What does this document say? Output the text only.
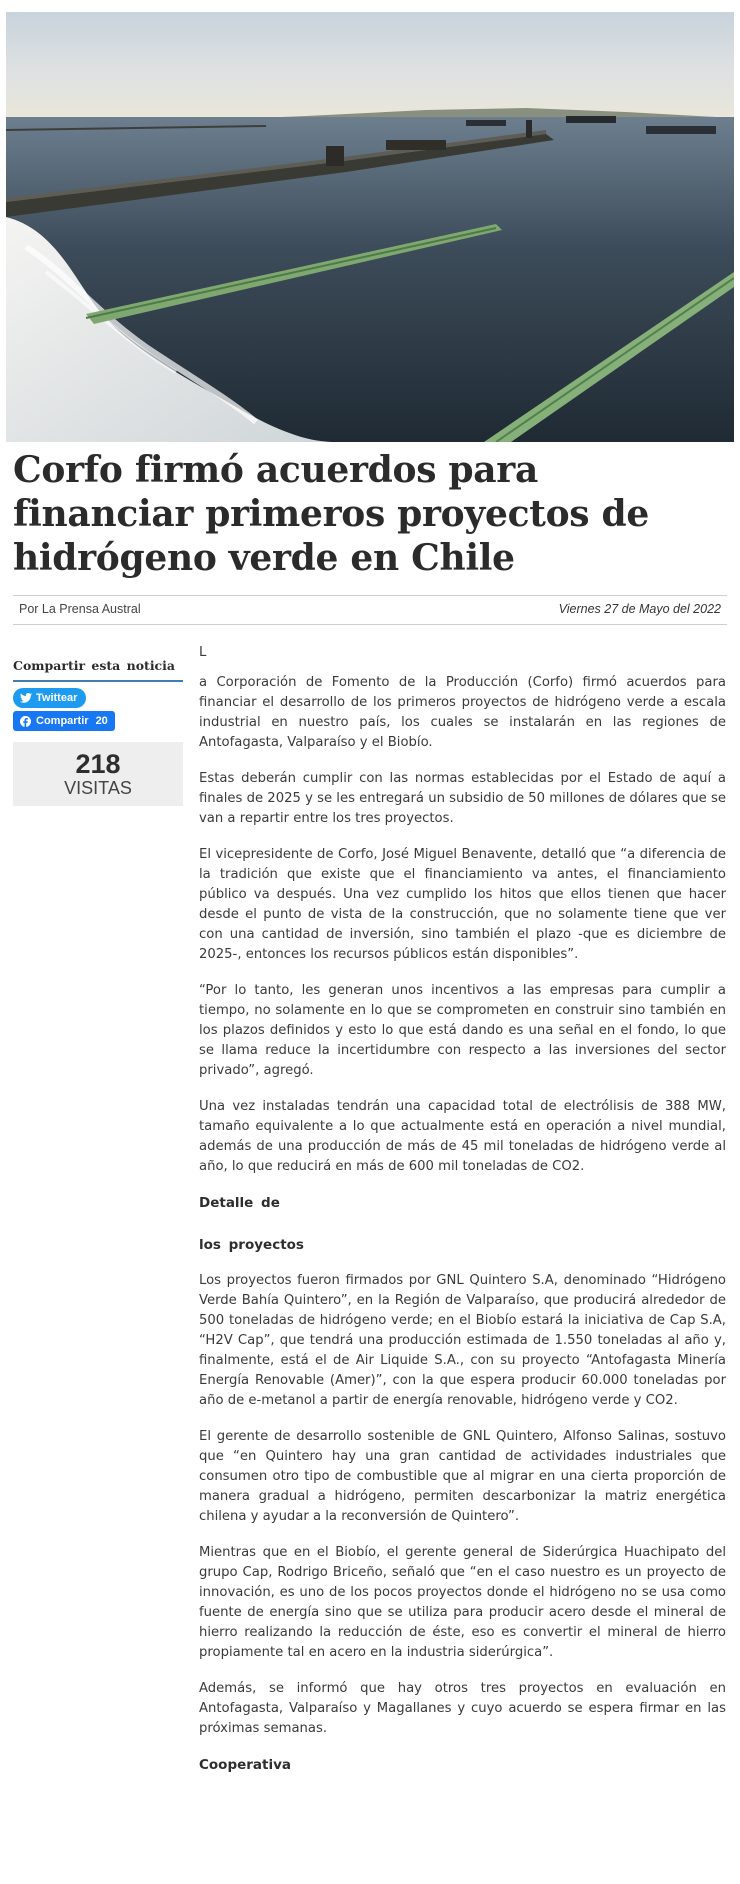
Corfo firmó acuerdos para financiar primeros proyectos de hidrógeno verde en Chile
Por La Prensa Austral	Viernes 27 de Mayo del 2022
Compartir esta noticia
Twittear
Compartir 20
218
VISITAS

L

a Corporación de Fomento de la Producción (Corfo) firmó acuerdos para financiar el desarrollo de los primeros proyectos de hidrógeno verde a escala industrial en nuestro país, los cuales se instalarán en las regiones de Antofagasta, Valparaíso y el Biobío.

Estas deberán cumplir con las normas establecidas por el Estado de aquí a finales de 2025 y se les entregará un subsidio de 50 millones de dólares que se van a repartir entre los tres proyectos.

El vicepresidente de Corfo, José Miguel Benavente, detalló que “a diferencia de la tradición que existe que el financiamiento va antes, el financiamiento público va después. Una vez cumplido los hitos que ellos tienen que hacer desde el punto de vista de la construcción, que no solamente tiene que ver con una cantidad de inversión, sino también el plazo -que es diciembre de 2025-, entonces los recursos públicos están disponibles”.

“Por lo tanto, les generan unos incentivos a las empresas para cumplir a tiempo, no solamente en lo que se comprometen en construir sino también en los plazos definidos y esto lo que está dando es una señal en el fondo, lo que se llama reduce la incertidumbre con respecto a las inversiones del sector privado”, agregó.

Una vez instaladas tendrán una capacidad total de electrólisis de 388 MW, tamaño equivalente a lo que actualmente está en operación a nivel mundial, además de una producción de más de 45 mil toneladas de hidrógeno verde al año, lo que reducirá en más de 600 mil toneladas de CO2.

Detalle de
los proyectos

Los proyectos fueron firmados por GNL Quintero S.A, denominado “Hidrógeno Verde Bahía Quintero”, en la Región de Valparaíso, que producirá alrededor de 500 toneladas de hidrógeno verde; en el Biobío estará la iniciativa de Cap S.A, “H2V Cap”, que tendrá una producción estimada de 1.550 toneladas al año y, finalmente, está el de Air Liquide S.A., con su proyecto “Antofagasta Minería Energía Renovable (Amer)”, con la que espera producir 60.000 toneladas por año de e-metanol a partir de energía renovable, hidrógeno verde y CO2.

El gerente de desarrollo sostenible de GNL Quintero, Alfonso Salinas, sostuvo que “en Quintero hay una gran cantidad de actividades industriales que consumen otro tipo de combustible que al migrar en una cierta proporción de manera gradual a hidrógeno, permiten descarbonizar la matriz energética chilena y ayudar a la reconversión de Quintero”.

Mientras que en el Biobío, el gerente general de Siderúrgica Huachipato del grupo Cap, Rodrigo Briceño, señaló que “en el caso nuestro es un proyecto de innovación, es uno de los pocos proyectos donde el hidrógeno no se usa como fuente de energía sino que se utiliza para producir acero desde el mineral de hierro realizando la reducción de éste, eso es convertir el mineral de hierro propiamente tal en acero en la industria siderúrgica”.

Además, se informó que hay otros tres proyectos en evaluación en Antofagasta, Valparaíso y Magallanes y cuyo acuerdo se espera firmar en las próximas semanas.

Cooperativa
